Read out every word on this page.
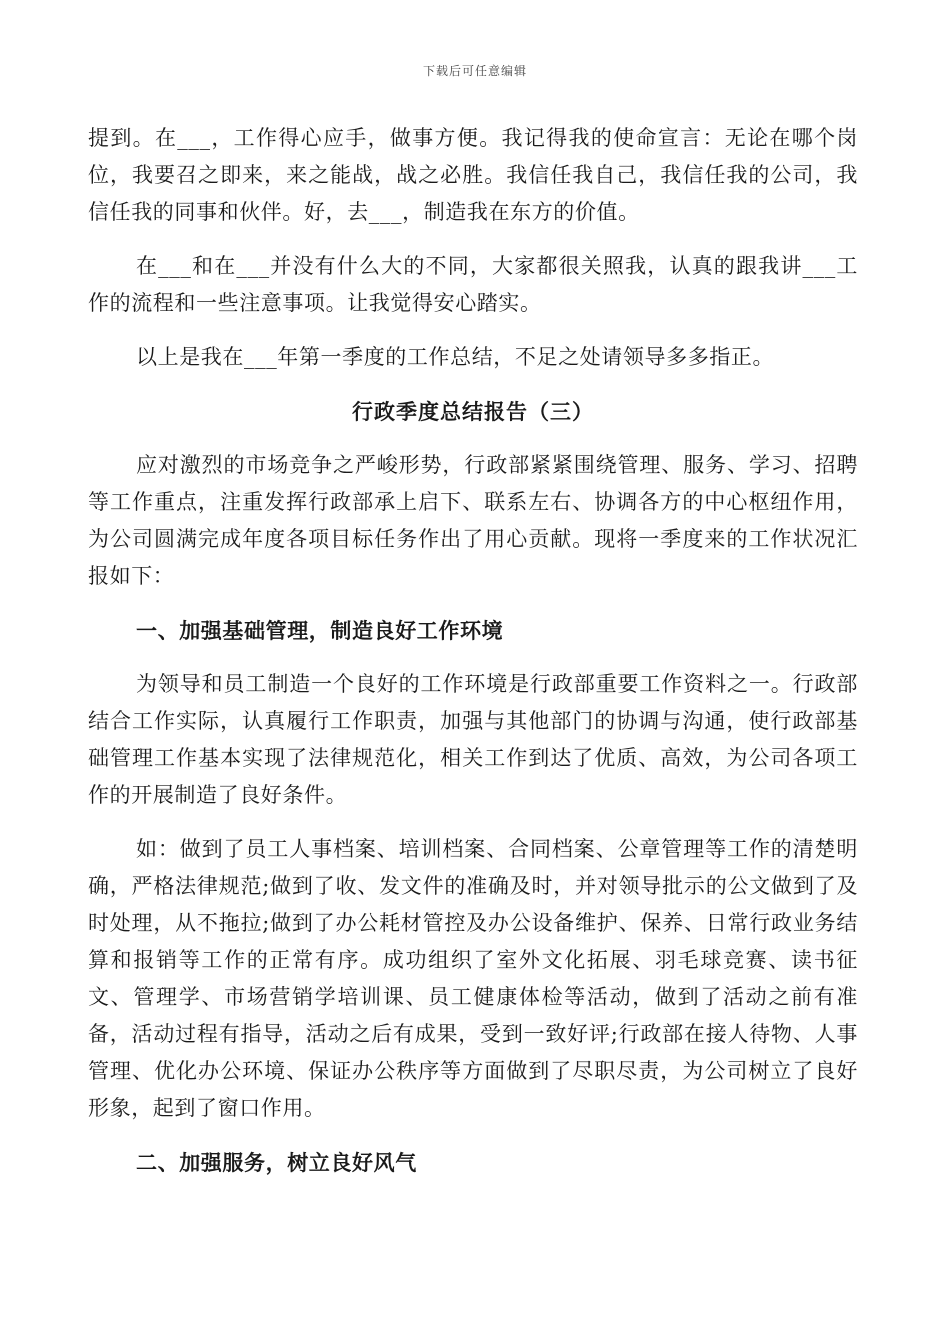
下载后可任意编辑

提到。在___，工作得心应手，做事方便。我记得我的使命宣言：无论在哪个岗位，我要召之即来，来之能战，战之必胜。我信任我自己，我信任我的公司，我信任我的同事和伙伴。好，去___，制造我在东方的价值。

在___和在___并没有什么大的不同，大家都很关照我，认真的跟我讲___工作的流程和一些注意事项。让我觉得安心踏实。

以上是我在___年第一季度的工作总结，不足之处请领导多多指正。

行政季度总结报告（三）

应对激烈的市场竞争之严峻形势，行政部紧紧围绕管理、服务、学习、招聘等工作重点，注重发挥行政部承上启下、联系左右、协调各方的中心枢纽作用，为公司圆满完成年度各项目标任务作出了用心贡献。现将一季度来的工作状况汇报如下：

一、加强基础管理，制造良好工作环境

为领导和员工制造一个良好的工作环境是行政部重要工作资料之一。行政部结合工作实际，认真履行工作职责，加强与其他部门的协调与沟通，使行政部基础管理工作基本实现了法律规范化，相关工作到达了优质、高效，为公司各项工作的开展制造了良好条件。

如：做到了员工人事档案、培训档案、合同档案、公章管理等工作的清楚明确，严格法律规范;做到了收、发文件的准确及时，并对领导批示的公文做到了及时处理，从不拖拉;做到了办公耗材管控及办公设备维护、保养、日常行政业务结算和报销等工作的正常有序。成功组织了室外文化拓展、羽毛球竞赛、读书征文、管理学、市场营销学培训课、员工健康体检等活动，做到了活动之前有准备，活动过程有指导，活动之后有成果，受到一致好评;行政部在接人待物、人事管理、优化办公环境、保证办公秩序等方面做到了尽职尽责，为公司树立了良好形象，起到了窗口作用。

二、加强服务，树立良好风气
